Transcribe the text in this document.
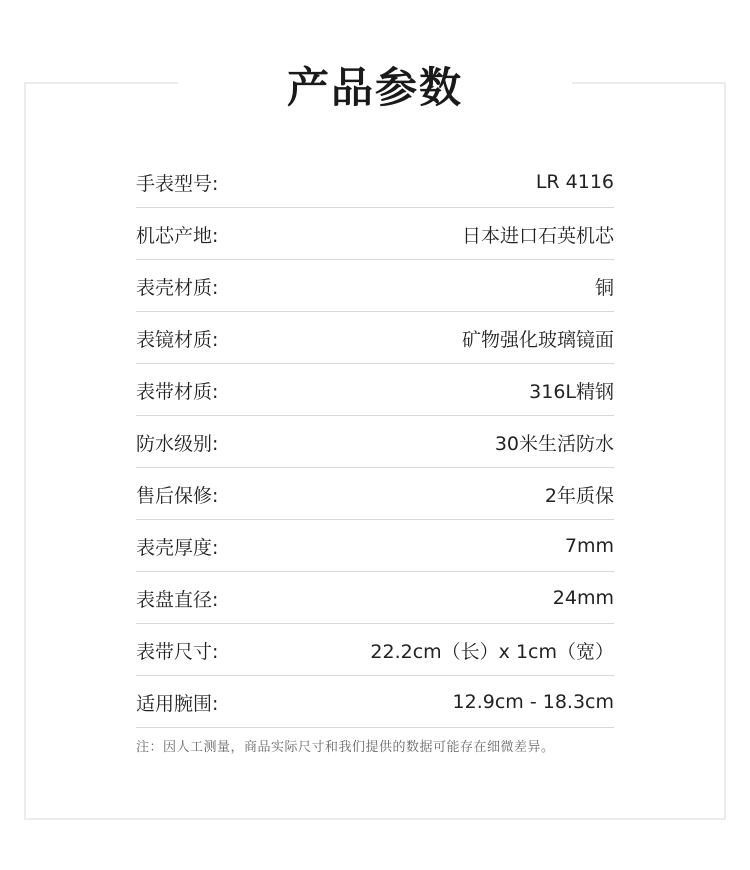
产品参数
手表型号:	LR 4116
机芯产地:	日本进口石英机芯
表壳材质:	铜
表镜材质:	矿物强化玻璃镜面
表带材质:	316L精钢
防水级别:	30米生活防水
售后保修:	2年质保
表壳厚度:	7mm
表盘直径:	24mm
表带尺寸:	22.2cm（长）x 1cm（宽）
适用腕围:	12.9cm - 18.3cm
注：因人工测量，商品实际尺寸和我们提供的数据可能存在细微差异。
